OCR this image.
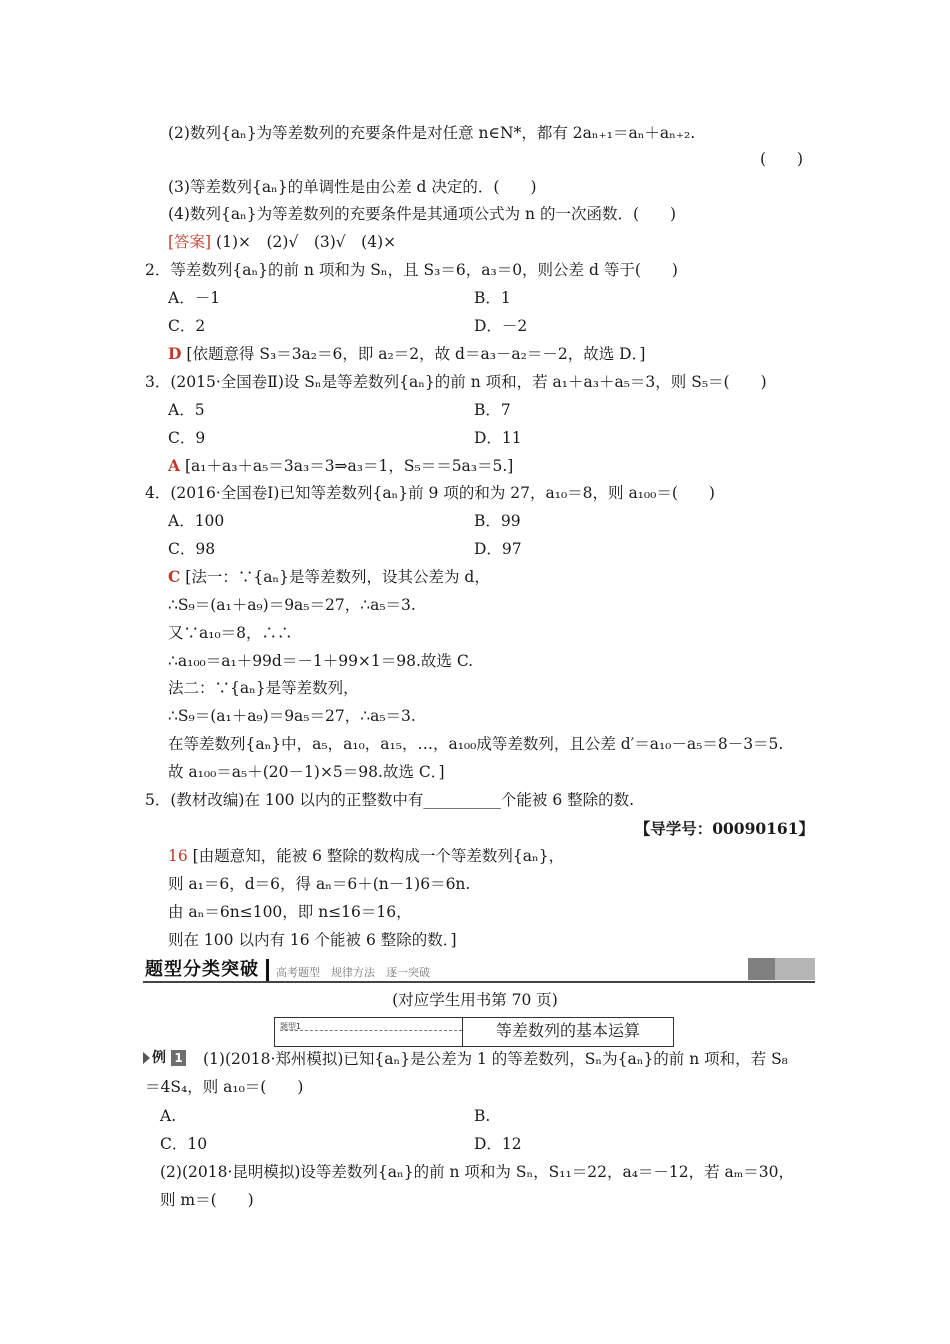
(2)数列{aₙ}为等差数列的充要条件是对任意 n∈N*，都有 2aₙ₊₁＝aₙ＋aₙ₊₂.
(　　)
(3)等差数列{aₙ}的单调性是由公差 d 决定的．(　　)
(4)数列{aₙ}为等差数列的充要条件是其通项公式为 n 的一次函数．(　　)
[答案] (1)×　(2)√　(3)√　(4)×
2．等差数列{aₙ}的前 n 项和为 Sₙ，且 S₃＝6，a₃＝0，则公差 d 等于(　　)
A．－1	B．1
C．2	D．－2
D [依题意得 S₃＝3a₂＝6，即 a₂＝2，故 d＝a₃－a₂＝－2，故选 D．]
3．(2015·全国卷Ⅱ)设 Sₙ是等差数列{aₙ}的前 n 项和，若 a₁＋a₃＋a₅＝3，则 S₅＝(　　)
A．5	B．7
C．9	D．11
A [a₁＋a₃＋a₅＝3a₃＝3⇒a₃＝1，S₅＝＝5a₃＝5.]
4．(2016·全国卷Ⅰ)已知等差数列{aₙ}前 9 项的和为 27，a₁₀＝8，则 a₁₀₀＝(　　)
A．100	B．99
C．98	D．97
C [法一：∵{aₙ}是等差数列，设其公差为 d，
∴S₉＝(a₁＋a₉)＝9a₅＝27，∴a₅＝3.
又∵a₁₀＝8，∴∴
∴a₁₀₀＝a₁＋99d＝－1＋99×1＝98.故选 C.
法二：∵{aₙ}是等差数列，
∴S₉＝(a₁＋a₉)＝9a₅＝27，∴a₅＝3.
在等差数列{aₙ}中，a₅，a₁₀，a₁₅，…，a₁₀₀成等差数列，且公差 d′＝a₁₀－a₅＝8－3＝5.
故 a₁₀₀＝a₅＋(20－1)×5＝98.故选 C．]
5．(教材改编)在 100 以内的正整数中有__________个能被 6 整除的数.
【导学号：00090161】
16 [由题意知，能被 6 整除的数构成一个等差数列{aₙ}，
则 a₁＝6，d＝6，得 aₙ＝6＋(n－1)6＝6n.
由 aₙ＝6n≤100，即 n≤16＝16，
则在 100 以内有 16 个能被 6 整除的数．]
题型分类突破 高考题型　规律方法　逐一突破
(对应学生用书第 70 页)
题型1	等差数列的基本运算
例 1 (1)(2018·郑州模拟)已知{aₙ}是公差为 1 的等差数列，Sₙ为{aₙ}的前 n 项和，若 S₈
＝4S₄，则 a₁₀＝(　　)
A.	B.
C．10	D．12
(2)(2018·昆明模拟)设等差数列{aₙ}的前 n 项和为 Sₙ，S₁₁＝22，a₄＝－12，若 aₘ＝30，
则 m＝(　　)
